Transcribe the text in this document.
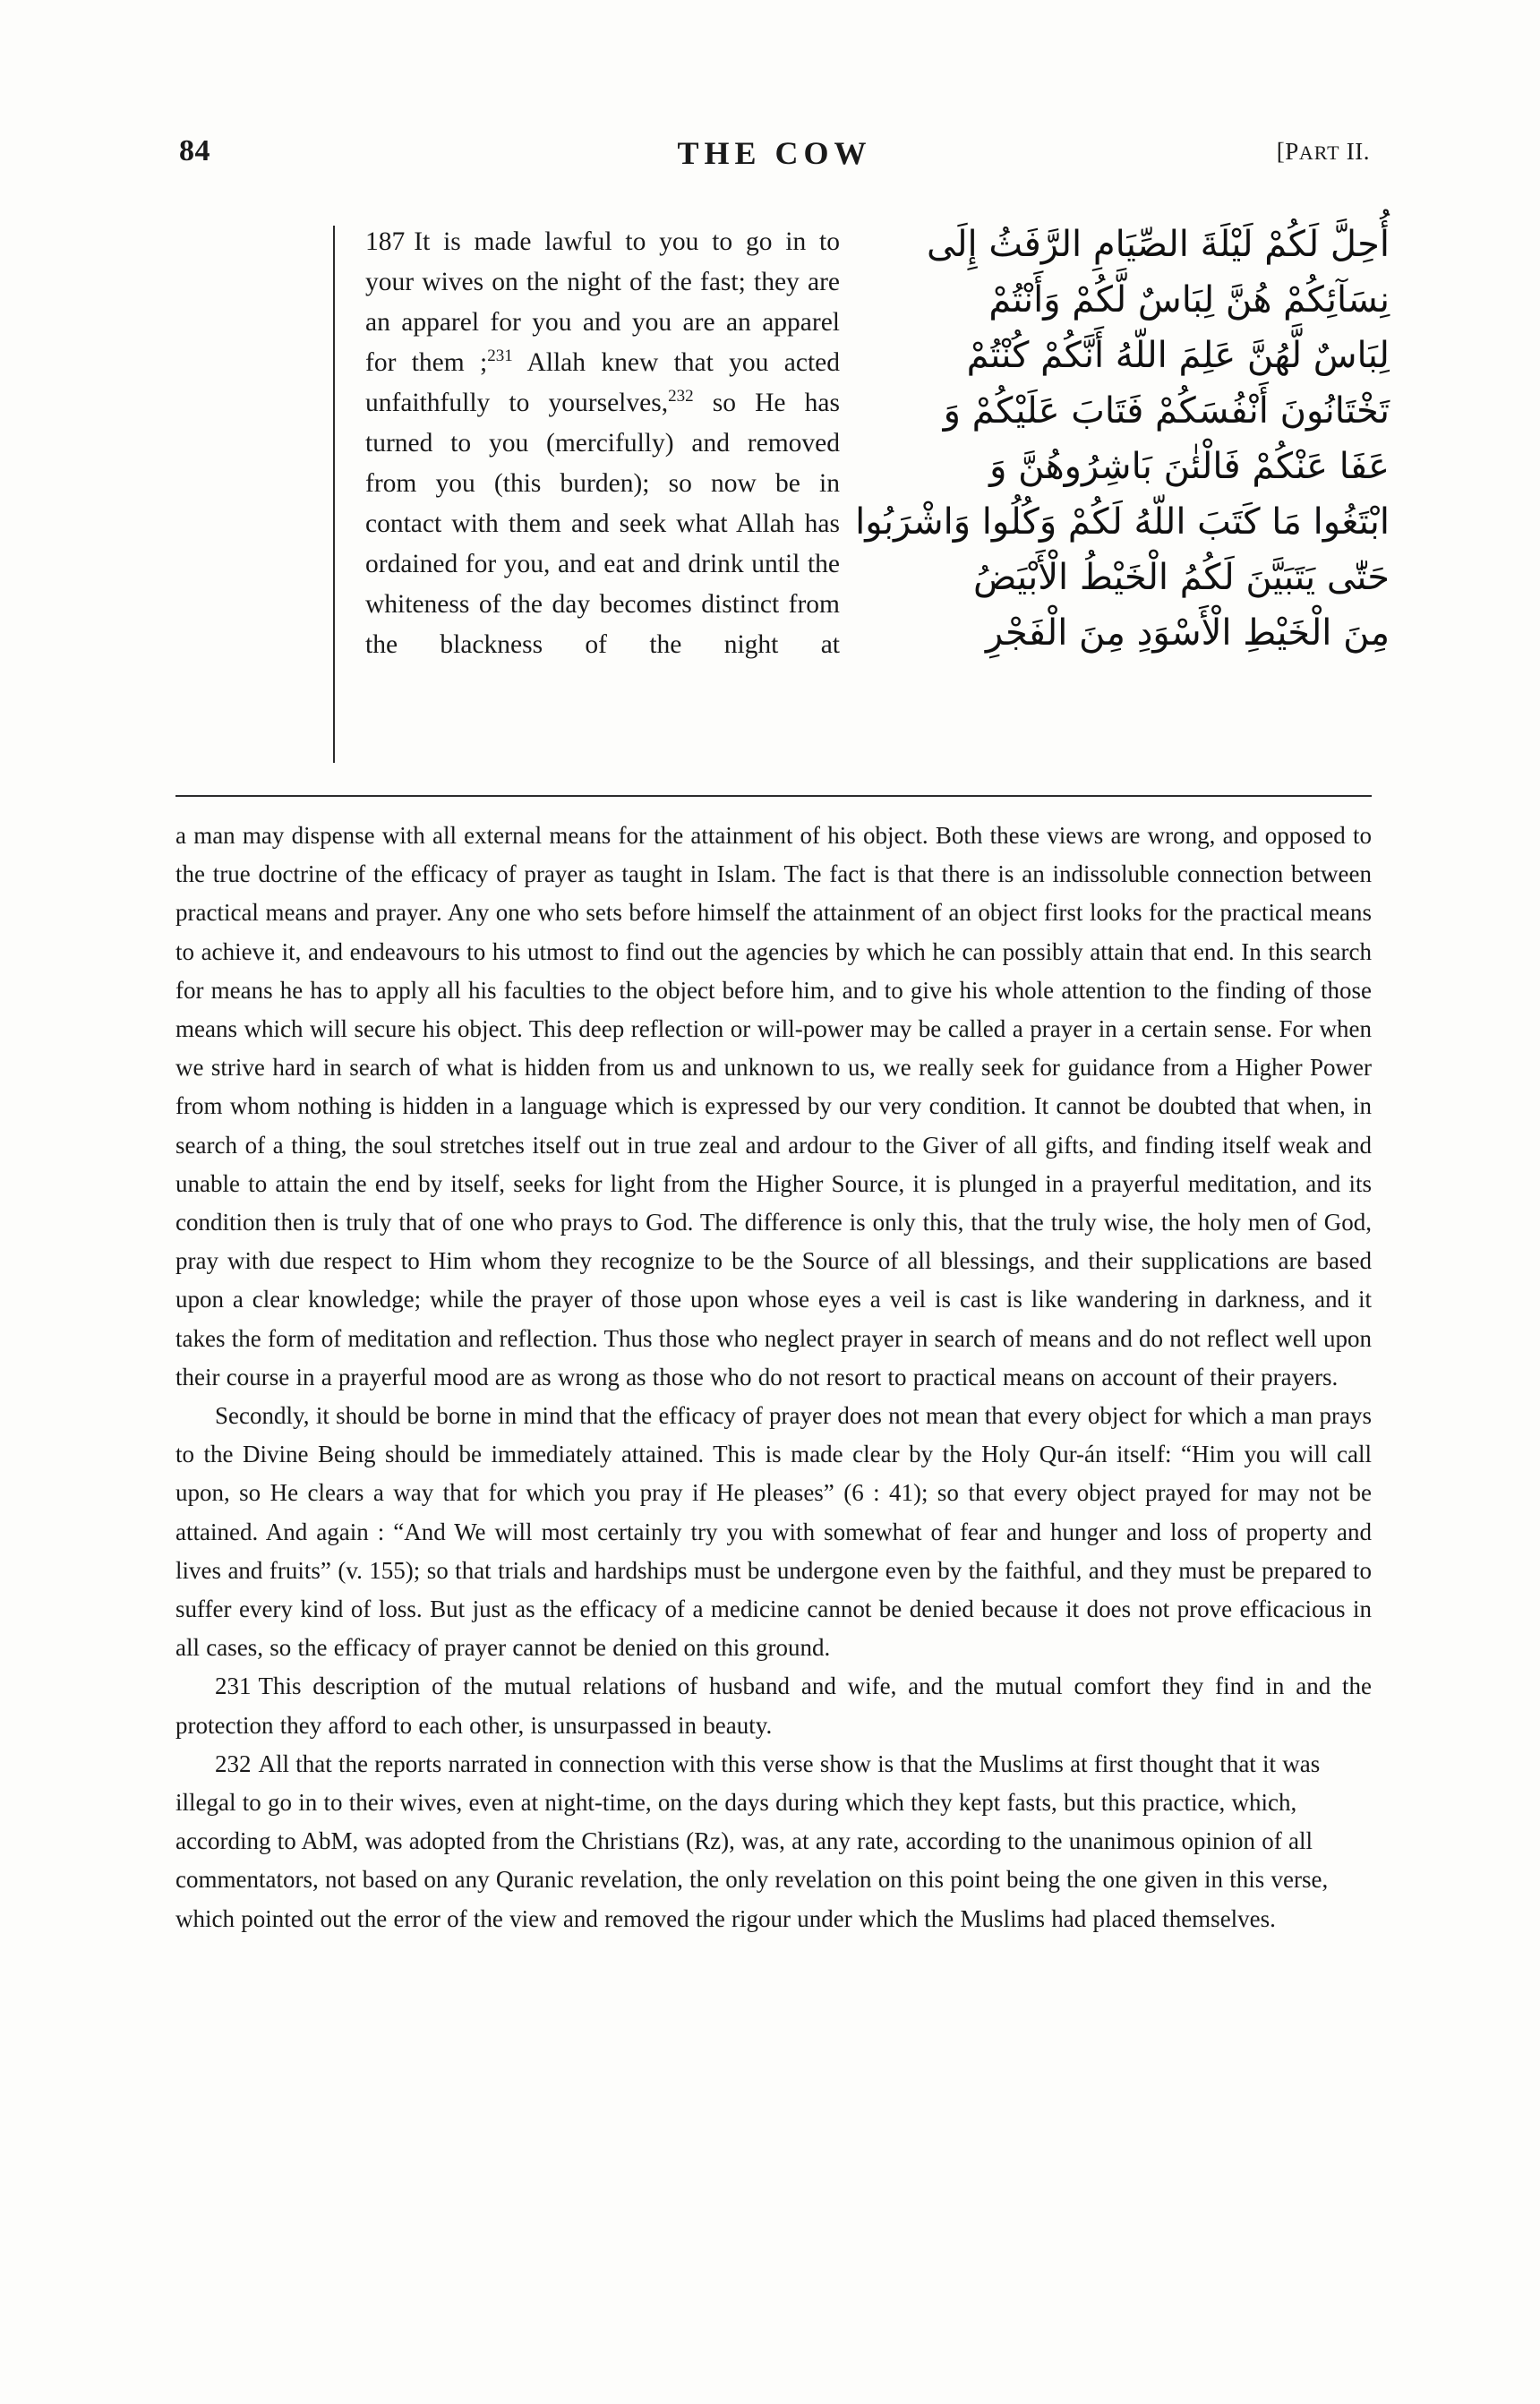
84	THE COW	[PART II.
187 It is made lawful to you to go in to your wives on the night of the fast; they are an apparel for you and you are an apparel for them ;$^{231}$ Allah knew that you acted unfaithfully to yourselves,$^{232}$ so He has turned to you (mercifully) and removed from you (this burden); so now be in contact with them and seek what Allah has ordained for you, and eat and drink until the whiteness of the day becomes distinct from the blackness of the night at
أُحِلَّ لَكُمْ لَيْلَةَ الصِّيَامِ الرَّفَثُ إِلَى
نِسَآئِكُمْ هُنَّ لِبَاسٌ لَّكُمْ وَأَنْتُمْ
لِبَاسٌ لَّهُنَّ عَلِمَ اللّهُ أَنَّكُمْ كُنْتُمْ
تَخْتَانُونَ أَنْفُسَكُمْ فَتَابَ عَلَيْكُمْ وَ
عَفَا عَنْكُمْ فَالْئٰنَ بَاشِرُوهُنَّ وَ
ابْتَغُوا مَا كَتَبَ اللّهُ لَكُمْ وَكُلُوا وَاشْرَبُوا
حَتّٰى يَتَبَيَّنَ لَكُمُ الْخَيْطُ الْأَبْيَضُ
مِنَ الْخَيْطِ الْأَسْوَدِ مِنَ الْفَجْرِ

a man may dispense with all external means for the attainment of his object. Both these views are wrong, and opposed to the true doctrine of the efficacy of prayer as taught in Islam. The fact is that there is an indissoluble connection between practical means and prayer. Any one who sets before himself the attainment of an object first looks for the practical means to achieve it, and endeavours to his utmost to find out the agencies by which he can possibly attain that end. In this search for means he has to apply all his faculties to the object before him, and to give his whole attention to the finding of those means which will secure his object. This deep reflection or will-power may be called a prayer in a certain sense. For when we strive hard in search of what is hidden from us and unknown to us, we really seek for guidance from a Higher Power from whom nothing is hidden in a language which is expressed by our very condition. It cannot be doubted that when, in search of a thing, the soul stretches itself out in true zeal and ardour to the Giver of all gifts, and finding itself weak and unable to attain the end by itself, seeks for light from the Higher Source, it is plunged in a prayerful meditation, and its condition then is truly that of one who prays to God. The difference is only this, that the truly wise, the holy men of God, pray with due respect to Him whom they recognize to be the Source of all blessings, and their supplications are based upon a clear knowledge; while the prayer of those upon whose eyes a veil is cast is like wandering in darkness, and it takes the form of meditation and reflection. Thus those who neglect prayer in search of means and do not reflect well upon their course in a prayerful mood are as wrong as those who do not resort to practical means on account of their prayers.

Secondly, it should be borne in mind that the efficacy of prayer does not mean that every object for which a man prays to the Divine Being should be immediately attained. This is made clear by the Holy Qur-án itself: “Him you will call upon, so He clears a way that for which you pray if He pleases” (6 : 41); so that every object prayed for may not be attained. And again : “And We will most certainly try you with somewhat of fear and hunger and loss of property and lives and fruits” (v. 155); so that trials and hardships must be undergone even by the faithful, and they must be prepared to suffer every kind of loss. But just as the efficacy of a medicine cannot be denied because it does not prove efficacious in all cases, so the efficacy of prayer cannot be denied on this ground.

231 This description of the mutual relations of husband and wife, and the mutual comfort they find in and the protection they afford to each other, is unsurpassed in beauty.

232 All that the reports narrated in connection with this verse show is that the Muslims at first thought that it was illegal to go in to their wives, even at night-time, on the days during which they kept fasts, but this practice, which, according to AbM, was adopted from the Christians (Rz), was, at any rate, according to the unanimous opinion of all commentators, not based on any Quranic revelation, the only revelation on this point being the one given in this verse, which pointed out the error of the view and removed the rigour under which the Muslims had placed themselves.
